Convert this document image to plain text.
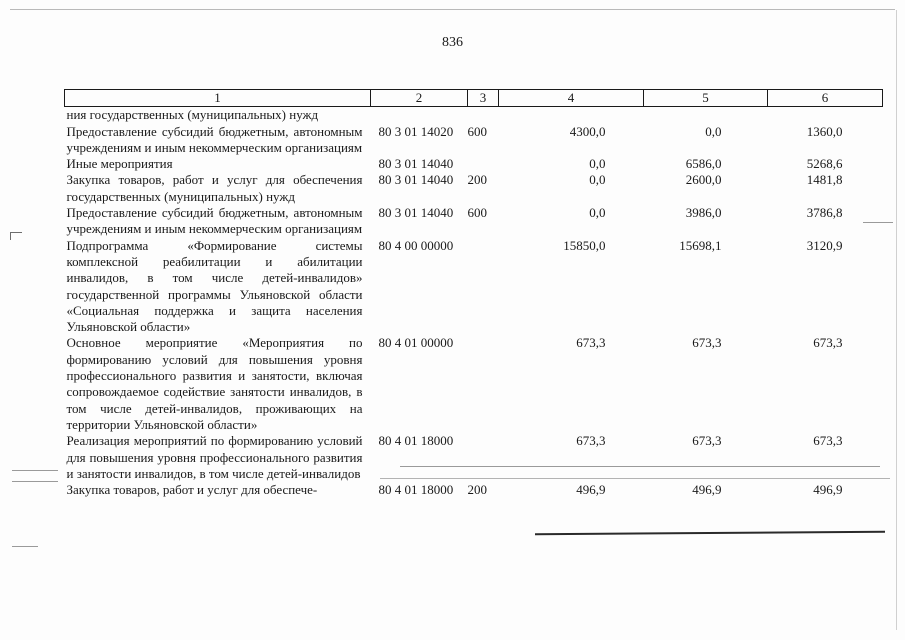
836
1	2	3	4	5	6
ния государственных (муниципальных) нужд					
Предоставление субсидий бюджетным, автономным учреждениям и иным некоммерческим организациям	80 3 01 14020	600	4300,0	0,0	1360,0
Иные мероприятия	80 3 01 14040		0,0	6586,0	5268,6
Закупка товаров, работ и услуг для обеспечения государственных (муниципальных) нужд	80 3 01 14040	200	0,0	2600,0	1481,8
Предоставление субсидий бюджетным, автономным учреждениям и иным некоммерческим организациям	80 3 01 14040	600	0,0	3986,0	3786,8
Подпрограмма «Формирование системы комплексной реабилитации и абилитации инвалидов, в том числе детей-инвалидов» государственной программы Ульяновской области «Социальная поддержка и защита населения Ульяновской области»	80 4 00 00000		15850,0	15698,1	3120,9
Основное мероприятие «Мероприятия по формированию условий для повышения уровня профессионального развития и занятости, включая сопровождаемое содействие занятости инвалидов, в том числе детей-инвалидов, проживающих на территории Ульяновской области»	80 4 01 00000		673,3	673,3	673,3
Реализация мероприятий по формированию условий для повышения уровня профессионального развития и занятости инвалидов, в том числе детей-инвалидов	80 4 01 18000		673,3	673,3	673,3
Закупка товаров, работ и услуг для обеспече-	80 4 01 18000	200	496,9	496,9	496,9
